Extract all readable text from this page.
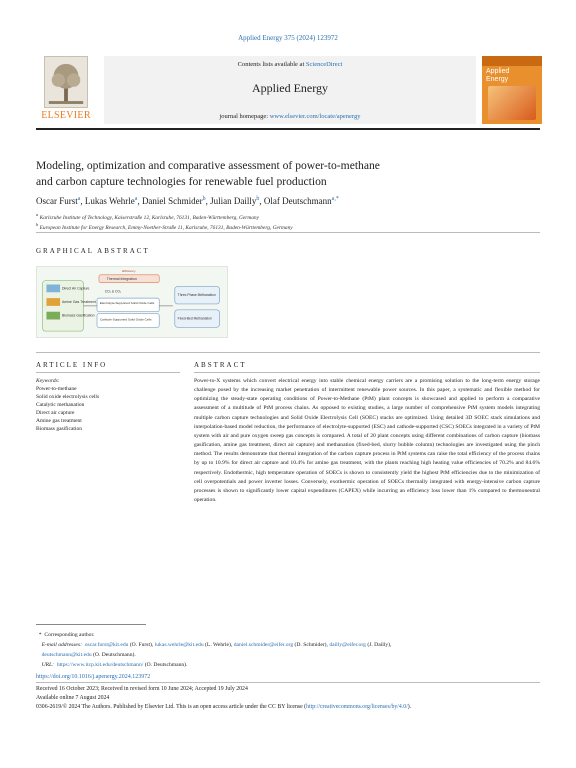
Applied Energy 375 (2024) 123972
ELSEVIER
Contents lists available at ScienceDirect
Applied Energy
journal homepage: www.elsevier.com/locate/apenergy
Applied
Energy
Modeling, optimization and comparative assessment of power-to-methane
and carbon capture technologies for renewable fuel production
Oscar Furst$^a$, Lukas Wehrle$^a$, Daniel Schmider$^b$, Julian Dailly$^b$, Olaf Deutschmann$^{a,*}$
$^a$ Karlsruhe Institute of Technology, Kaiserstraße 12, Karlsruhe, 76131, Baden-Württemberg, Germany
$^b$ European Institute for Energy Research, Emmy-Noether-Straße 11, Karlsruhe, 76131, Baden-Württemberg, Germany
GRAPHICAL ABSTRACT
Direct Air Capture
Amine Gas Treatment
Biomass Gasification
Thermal Integration
Efficiency
CO₂ & CO₂
Electrolyte-Supported Solid Oxide Cells
Cathode-Supported Solid Oxide Cells
Three-Phase Methanation
Fixed-Bed Methanation
ARTICLE INFO	ABSTRACT
Keywords:
Power-to-methane
Solid oxide electrolysis cells
Catalytic methanation
Direct air capture
Amine gas treatment
Biomass gasification
Power-to-X systems which convert electrical energy into stable chemical energy carriers are a promising solution to the long-term energy storage challenge posed by the increasing market penetration of intermittent renewable power sources. In this paper, a systematic and flexible method for optimizing the steady-state operating conditions of Power-to-Methane (PtM) plant concepts is showcased and applied to perform a comparative assessment of a multitude of PtM process chains. As opposed to existing studies, a large number of comprehensive PtM system models integrating multiple carbon capture technologies and Solid Oxide Electrolysis Cell (SOEC) stacks are optimized. Using detailed 3D SOEC stack simulations and interpolation-based model reduction, the performance of electrolyte-supported (ESC) and cathode-supported (CSC) SOECs integrated in a variety of PtM system with air and pure oxygen sweep gas concepts is compared. A total of 20 plant concepts using different combinations of carbon capture (biomass gasification, amine gas treatment, direct air capture) and methanation (fixed-bed, slurry bubble column) technologies are investigated using the pinch method. The results demonstrate that thermal integration of the carbon capture process in PtM systems can raise the total efficiency of the process chains by up to 10.9% for direct air capture and 10.4% for amine gas treatment, with the plants reaching high heating value efficiencies of 70.2% and 84.6% respectively. Endothermic, high temperature operation of SOECs is shown to consistently yield the highest PtM efficiencies due to the minimization of cell overpotentials and power inverter losses. Conversely, exothermic operation of SOECs thermally integrated with energy-intensive carbon capture processes is shown to significantly lower capital expenditures (CAPEX) while incurring an efficiency loss lower than 1% compared to thermoneutral operation.
*  Corresponding author.
E-mail addresses: oscar.furst@kit.edu (O. Furst), lukas.wehrle@kit.edu (L. Wehrle), daniel.schmider@eifer.org (D. Schmider), dailly@eifer.org (J. Dailly),
deutschmann@kit.edu (O. Deutschmann).
URL: https://www.itcp.kit.edu/deutschmann/ (O. Deutschmann).
https://doi.org/10.1016/j.apenergy.2024.123972
Received 16 October 2023; Received in revised form 10 June 2024; Accepted 19 July 2024
Available online 7 August 2024
0306-2619/© 2024 The Authors. Published by Elsevier Ltd. This is an open access article under the CC BY license (http://creativecommons.org/licenses/by/4.0/).
